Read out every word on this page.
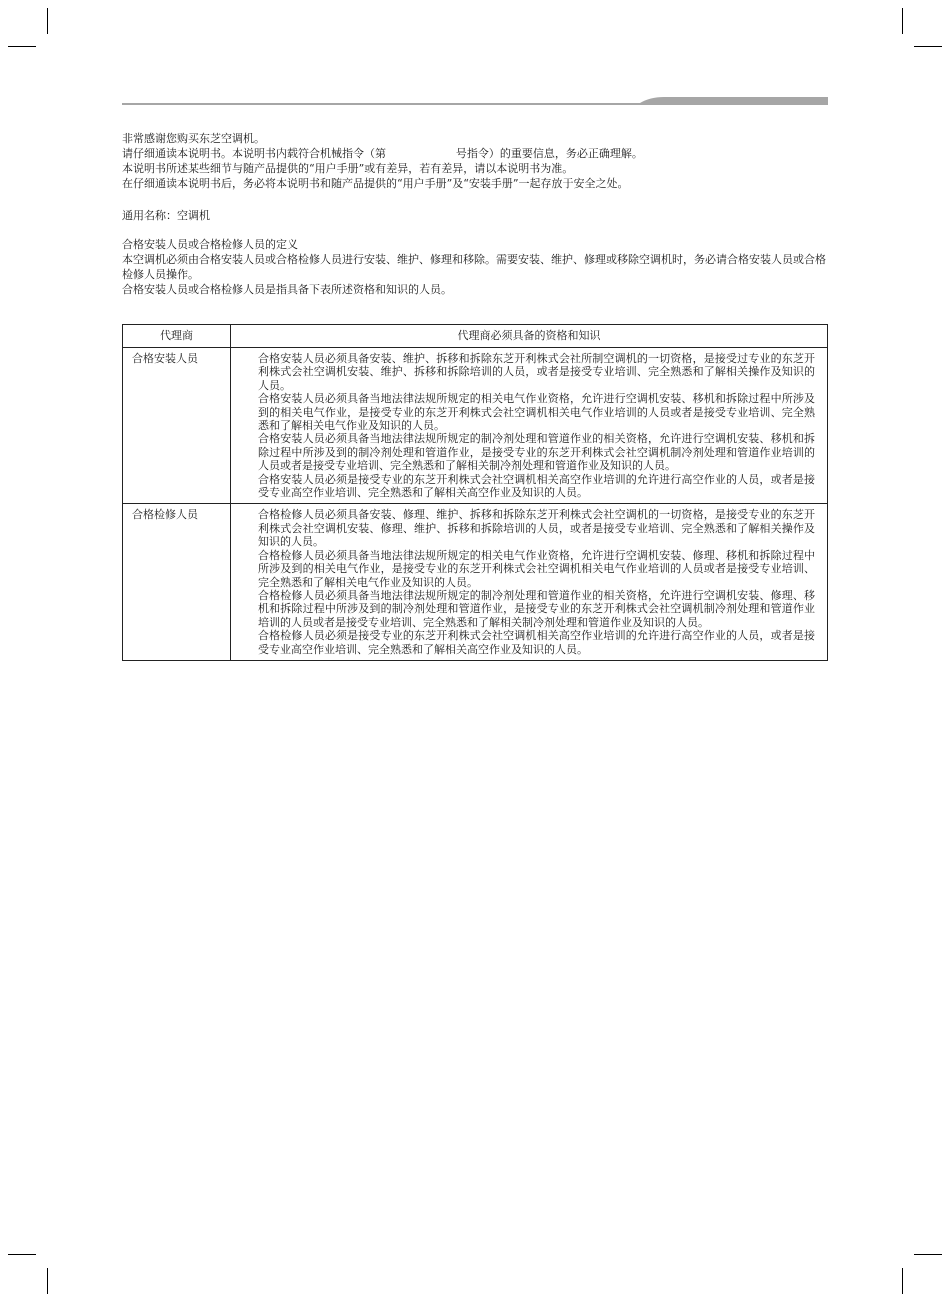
非常感谢您购买东芝空调机。

请仔细通读本说明书。本说明书内载符合机械指令（第                    号指令）的重要信息，务必正确理解。

本说明书所述某些细节与随产品提供的“用户手册”或有差异，若有差异，请以本说明书为准。

在仔细通读本说明书后，务必将本说明书和随产品提供的“用户手册”及“安装手册”一起存放于安全之处。

通用名称：空调机

合格安装人员或合格检修人员的定义

本空调机必须由合格安装人员或合格检修人员进行安装、维护、修理和移除。需要安装、维护、修理或移除空调机时，务必请合格安装人员或合格检修人员操作。

合格安装人员或合格检修人员是指具备下表所述资格和知识的人员。

代理商	代理商必须具备的资格和知识
合格安装人员	合格安装人员必须具备安装、维护、拆移和拆除东芝开利株式会社所制空调机的一切资格，是接受过专业的东芝开利株式会社空调机安装、维护、拆移和拆除培训的人员，或者是接受专业培训、完全熟悉和了解相关操作及知识的人员。

合格安装人员必须具备当地法律法规所规定的相关电气作业资格，允许进行空调机安装、移机和拆除过程中所涉及到的相关电气作业，是接受专业的东芝开利株式会社空调机相关电气作业培训的人员或者是接受专业培训、完全熟悉和了解相关电气作业及知识的人员。

合格安装人员必须具备当地法律法规所规定的制冷剂处理和管道作业的相关资格，允许进行空调机安装、移机和拆除过程中所涉及到的制冷剂处理和管道作业，是接受专业的东芝开利株式会社空调机制冷剂处理和管道作业培训的人员或者是接受专业培训、完全熟悉和了解相关制冷剂处理和管道作业及知识的人员。

合格安装人员必须是接受专业的东芝开利株式会社空调机相关高空作业培训的允许进行高空作业的人员，或者是接受专业高空作业培训、完全熟悉和了解相关高空作业及知识的人员。

合格检修人员	合格检修人员必须具备安装、修理、维护、拆移和拆除东芝开利株式会社空调机的一切资格，是接受专业的东芝开利株式会社空调机安装、修理、维护、拆移和拆除培训的人员，或者是接受专业培训、完全熟悉和了解相关操作及知识的人员。

合格检修人员必须具备当地法律法规所规定的相关电气作业资格，允许进行空调机安装、修理、移机和拆除过程中所涉及到的相关电气作业，是接受专业的东芝开利株式会社空调机相关电气作业培训的人员或者是接受专业培训、完全熟悉和了解相关电气作业及知识的人员。

合格检修人员必须具备当地法律法规所规定的制冷剂处理和管道作业的相关资格，允许进行空调机安装、修理、移机和拆除过程中所涉及到的制冷剂处理和管道作业，是接受专业的东芝开利株式会社空调机制冷剂处理和管道作业培训的人员或者是接受专业培训、完全熟悉和了解相关制冷剂处理和管道作业及知识的人员。

合格检修人员必须是接受专业的东芝开利株式会社空调机相关高空作业培训的允许进行高空作业的人员，或者是接受专业高空作业培训、完全熟悉和了解相关高空作业及知识的人员。
